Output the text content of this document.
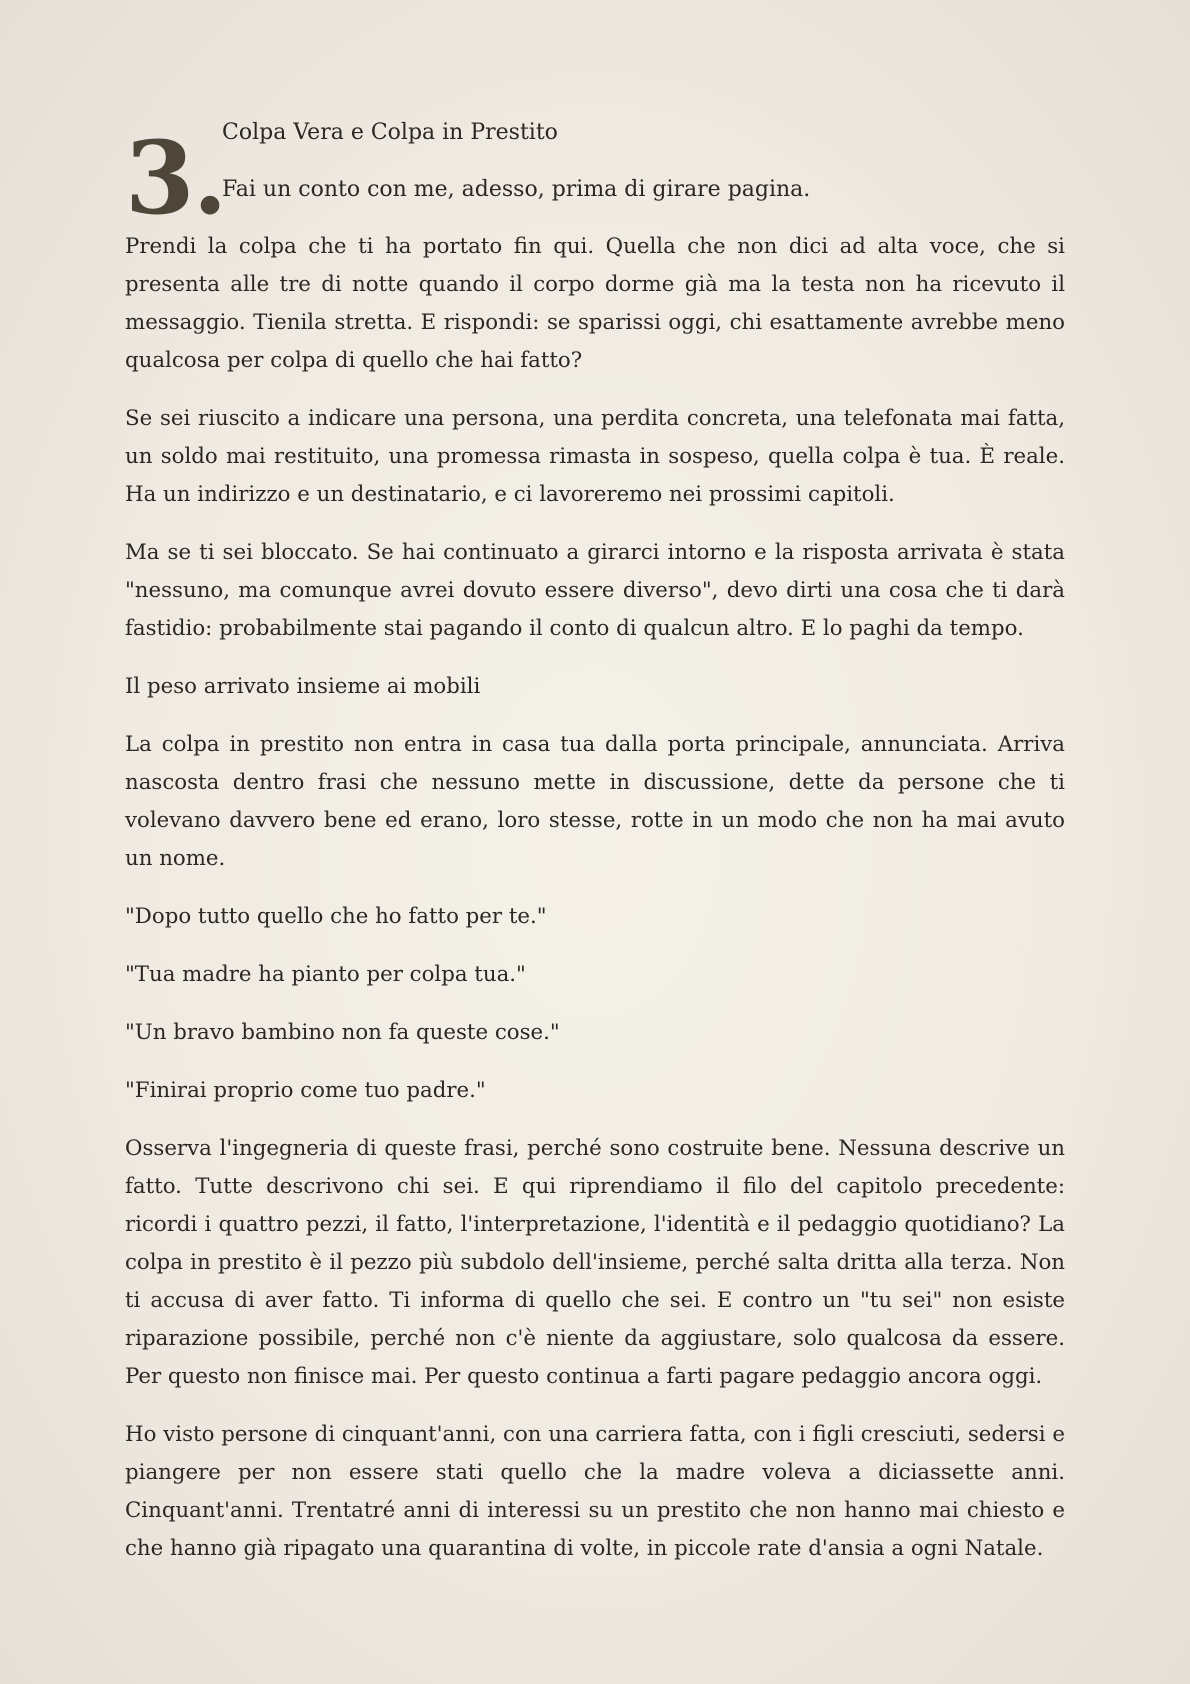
3.
Colpa Vera e Colpa in Prestito

Fai un conto con me, adesso, prima di girare pagina.

Prendi la colpa che ti ha portato fin qui. Quella che non dici ad alta voce, che si presenta alle tre di notte quando il corpo dorme già ma la testa non ha ricevuto il messaggio. Tienila stretta. E rispondi: se sparissi oggi, chi esattamente avrebbe meno qualcosa per colpa di quello che hai fatto?

Se sei riuscito a indicare una persona, una perdita concreta, una telefonata mai fatta, un soldo mai restituito, una promessa rimasta in sospeso, quella colpa è tua. È reale. Ha un indirizzo e un destinatario, e ci lavoreremo nei prossimi capitoli.

Ma se ti sei bloccato. Se hai continuato a girarci intorno e la risposta arrivata è stata "nessuno, ma comunque avrei dovuto essere diverso", devo dirti una cosa che ti darà fastidio: probabilmente stai pagando il conto di qualcun altro. E lo paghi da tempo.

Il peso arrivato insieme ai mobili

La colpa in prestito non entra in casa tua dalla porta principale, annunciata. Arriva nascosta dentro frasi che nessuno mette in discussione, dette da persone che ti volevano davvero bene ed erano, loro stesse, rotte in un modo che non ha mai avuto un nome.

"Dopo tutto quello che ho fatto per te."

"Tua madre ha pianto per colpa tua."

"Un bravo bambino non fa queste cose."

"Finirai proprio come tuo padre."

Osserva l'ingegneria di queste frasi, perché sono costruite bene. Nessuna descrive un fatto. Tutte descrivono chi sei. E qui riprendiamo il filo del capitolo precedente: ricordi i quattro pezzi, il fatto, l'interpretazione, l'identità e il pedaggio quotidiano? La colpa in prestito è il pezzo più subdolo dell'insieme, perché salta dritta alla terza. Non ti accusa di aver fatto. Ti informa di quello che sei. E contro un "tu sei" non esiste riparazione possibile, perché non c'è niente da aggiustare, solo qualcosa da essere. Per questo non finisce mai. Per questo continua a farti pagare pedaggio ancora oggi.

Ho visto persone di cinquant'anni, con una carriera fatta, con i figli cresciuti, sedersi e piangere per non essere stati quello che la madre voleva a diciassette anni. Cinquant'anni. Trentatré anni di interessi su un prestito che non hanno mai chiesto e che hanno già ripagato una quarantina di volte, in piccole rate d'ansia a ogni Natale.
